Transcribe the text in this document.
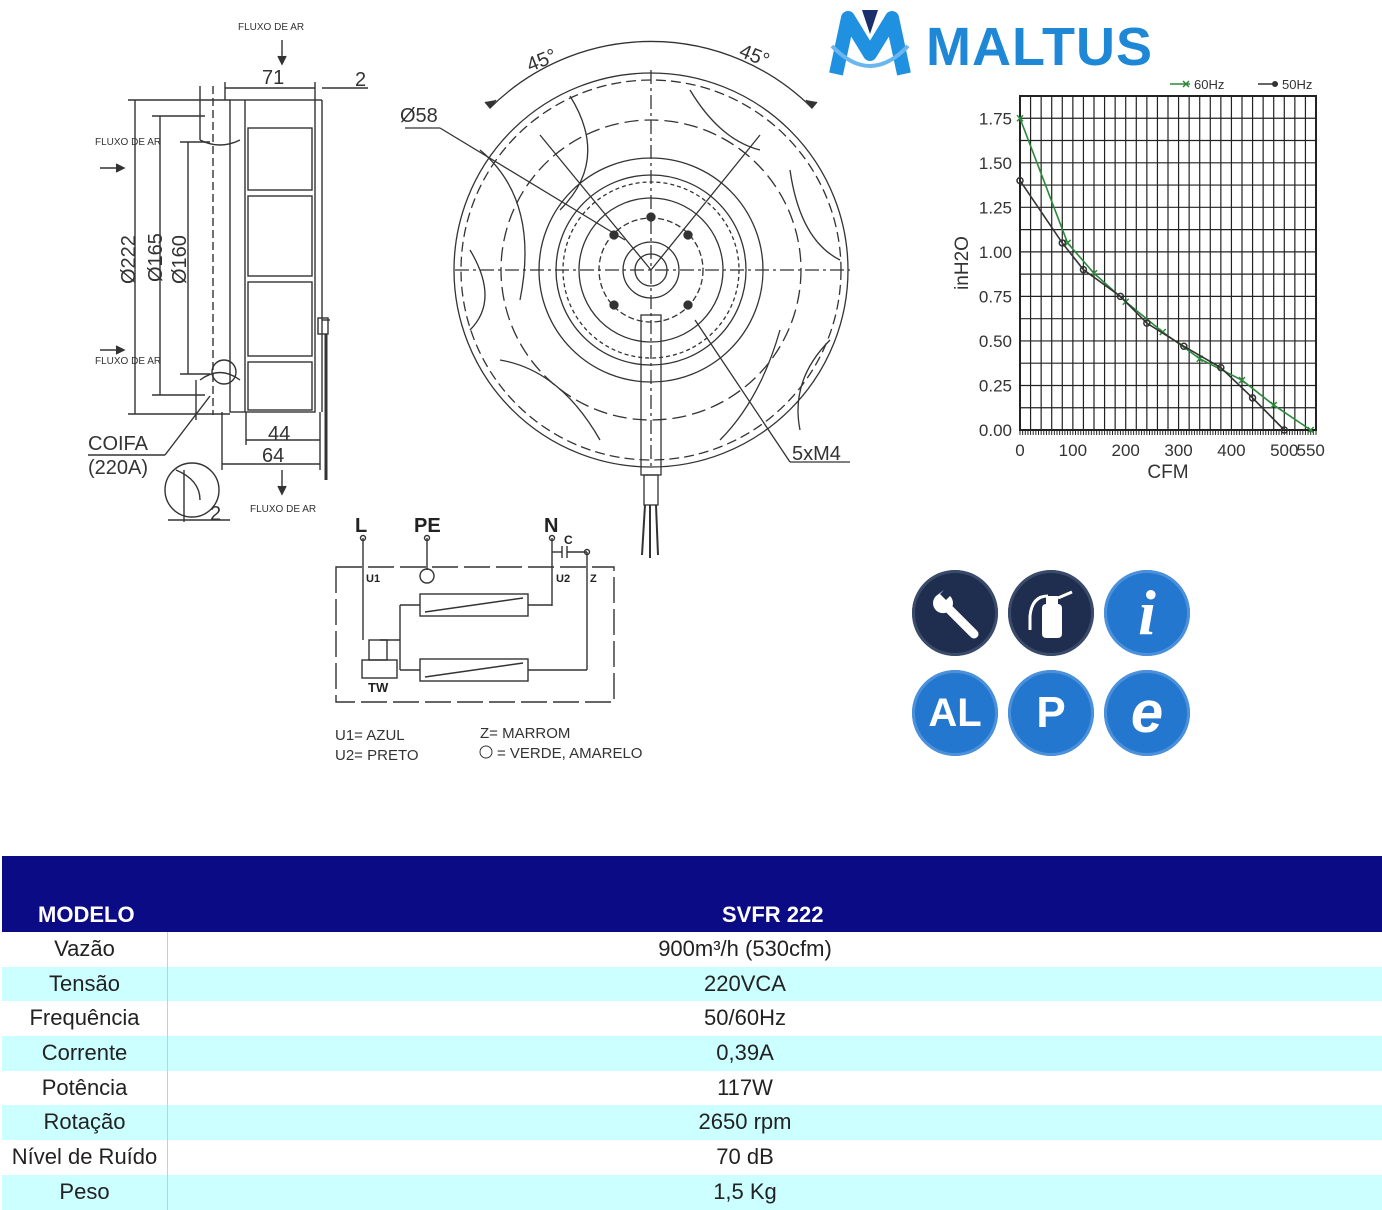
FLUXO DE AR
FLUXO DE AR
FLUXO DE AR
FLUXO DE AR
71	2
Ø222 Ø165 Ø160
44
64
2
COIFA
(220A)
45°	45°
Ø58
5xM4
L PE	N
C
U1	U2 Z
TW
U1= AZUL
U2= PRETO
Z= MARROM
= VERDE, AMARELO
0 100 200 300 400 500
550
0.00
0.25
0.50
0.75
1.00
1.25
1.50
1.75
CFM
inH2O
60Hz	50Hz
MALTUS
i
AL	P	e
MODELO	SVFR 222
Vazão	900m³/h (530cfm)
Tensão	220VCA
Frequência	50/60Hz
Corrente	0,39A
Potência	117W
Rotação	2650 rpm
Nível de Ruído	70 dB
Peso	1,5 Kg
